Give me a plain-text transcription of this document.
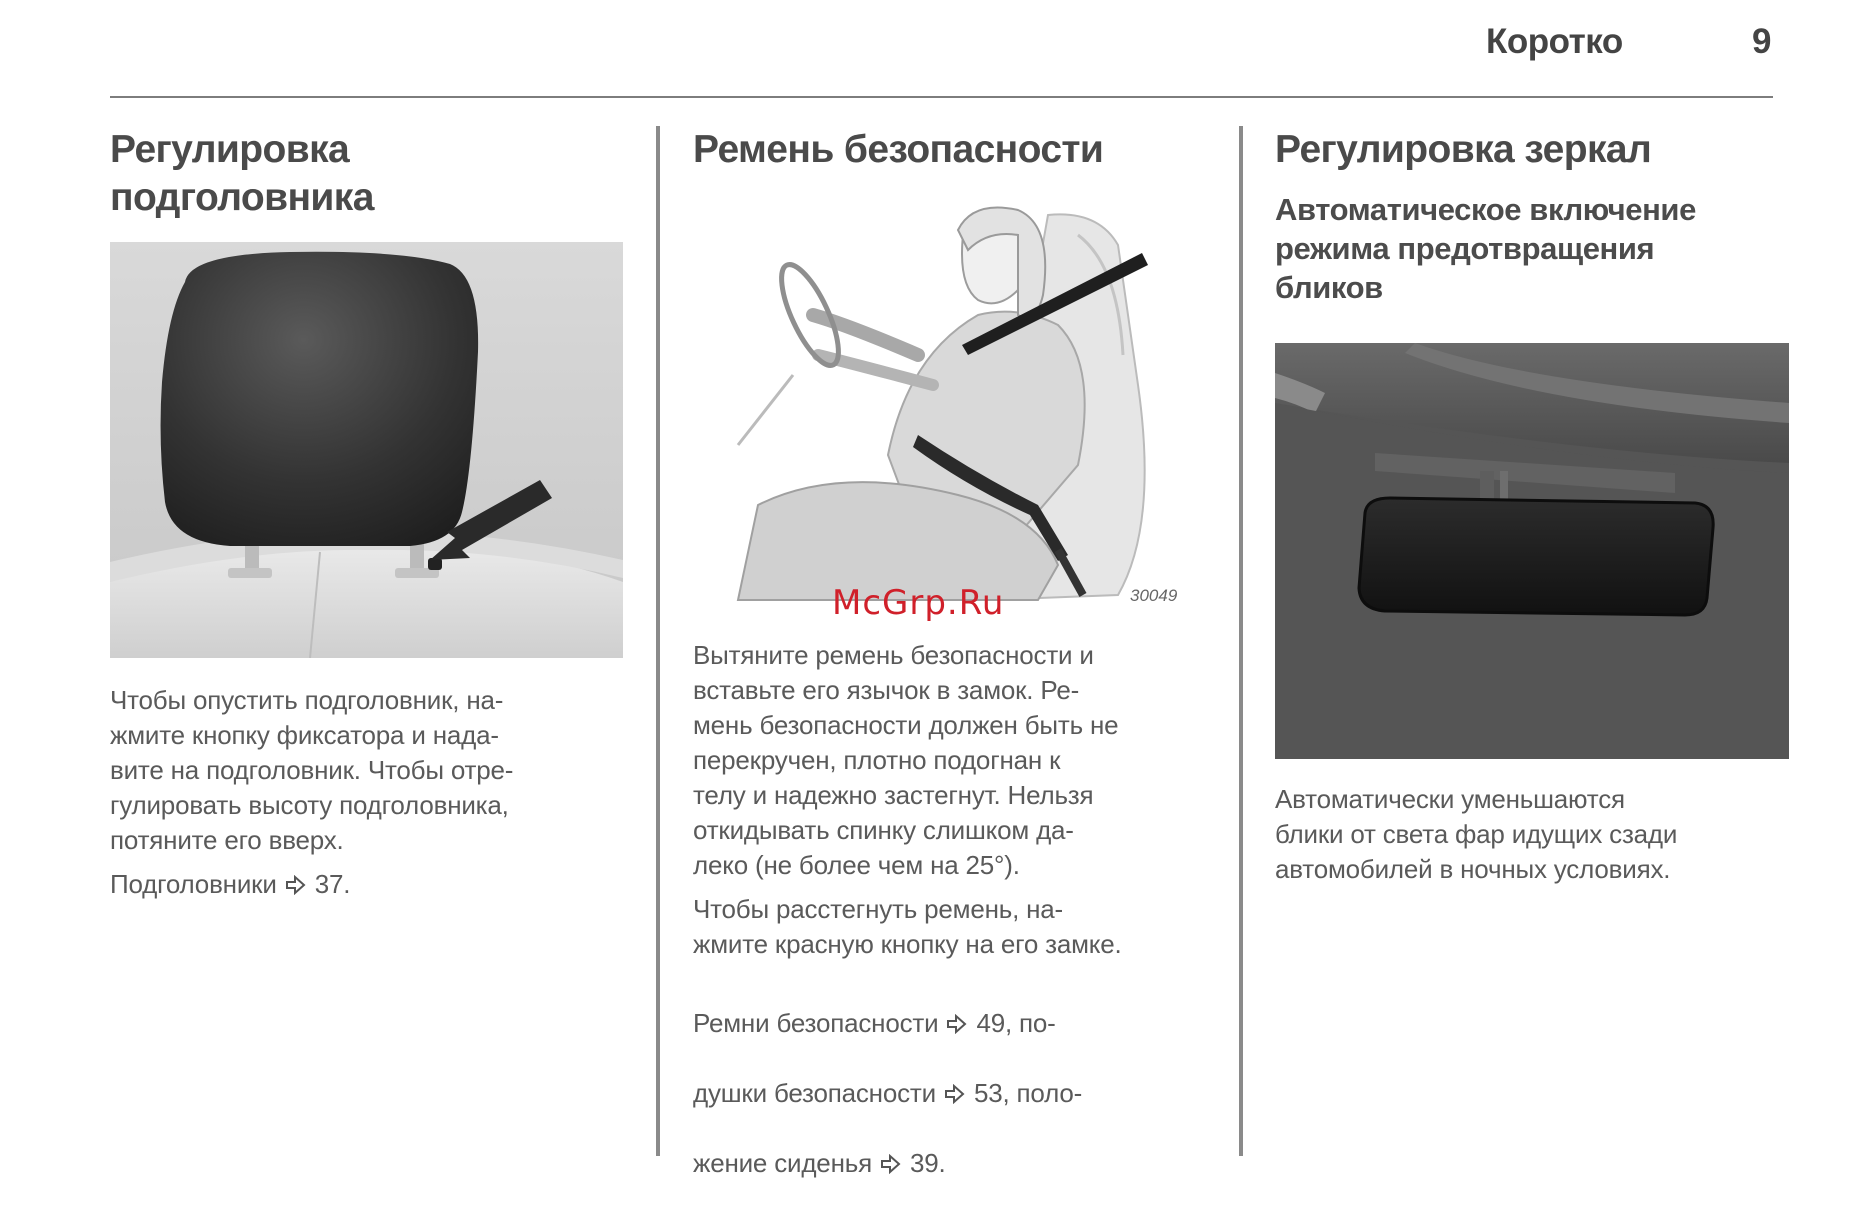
Коротко	9
Регулировка подголовника

Чтобы опустить подголовник, на-
жмите кнопку фиксатора и нада-
вите на подголовник. Чтобы отре-
гулировать высоту подголовника,
потяните его вверх.

Подголовники  37.

Ремень безопасности
McGrp.Ru	30049

Вытяните ремень безопасности и
вставьте его язычок в замок. Ре-
мень безопасности должен быть не
перекручен, плотно подогнан к
телу и надежно застегнут. Нельзя
откидывать спинку слишком да-
леко (не более чем на 25°).

Чтобы расстегнуть ремень, на-
жмите красную кнопку на его замке.

Ремни безопасности  49, по-

душки безопасности  53, поло-

жение сиденья  39.

Регулировка зеркал
Автоматическое включение
режима предотвращения
бликов

Автоматически уменьшаются
блики от света фар идущих сзади
автомобилей в ночных условиях.
